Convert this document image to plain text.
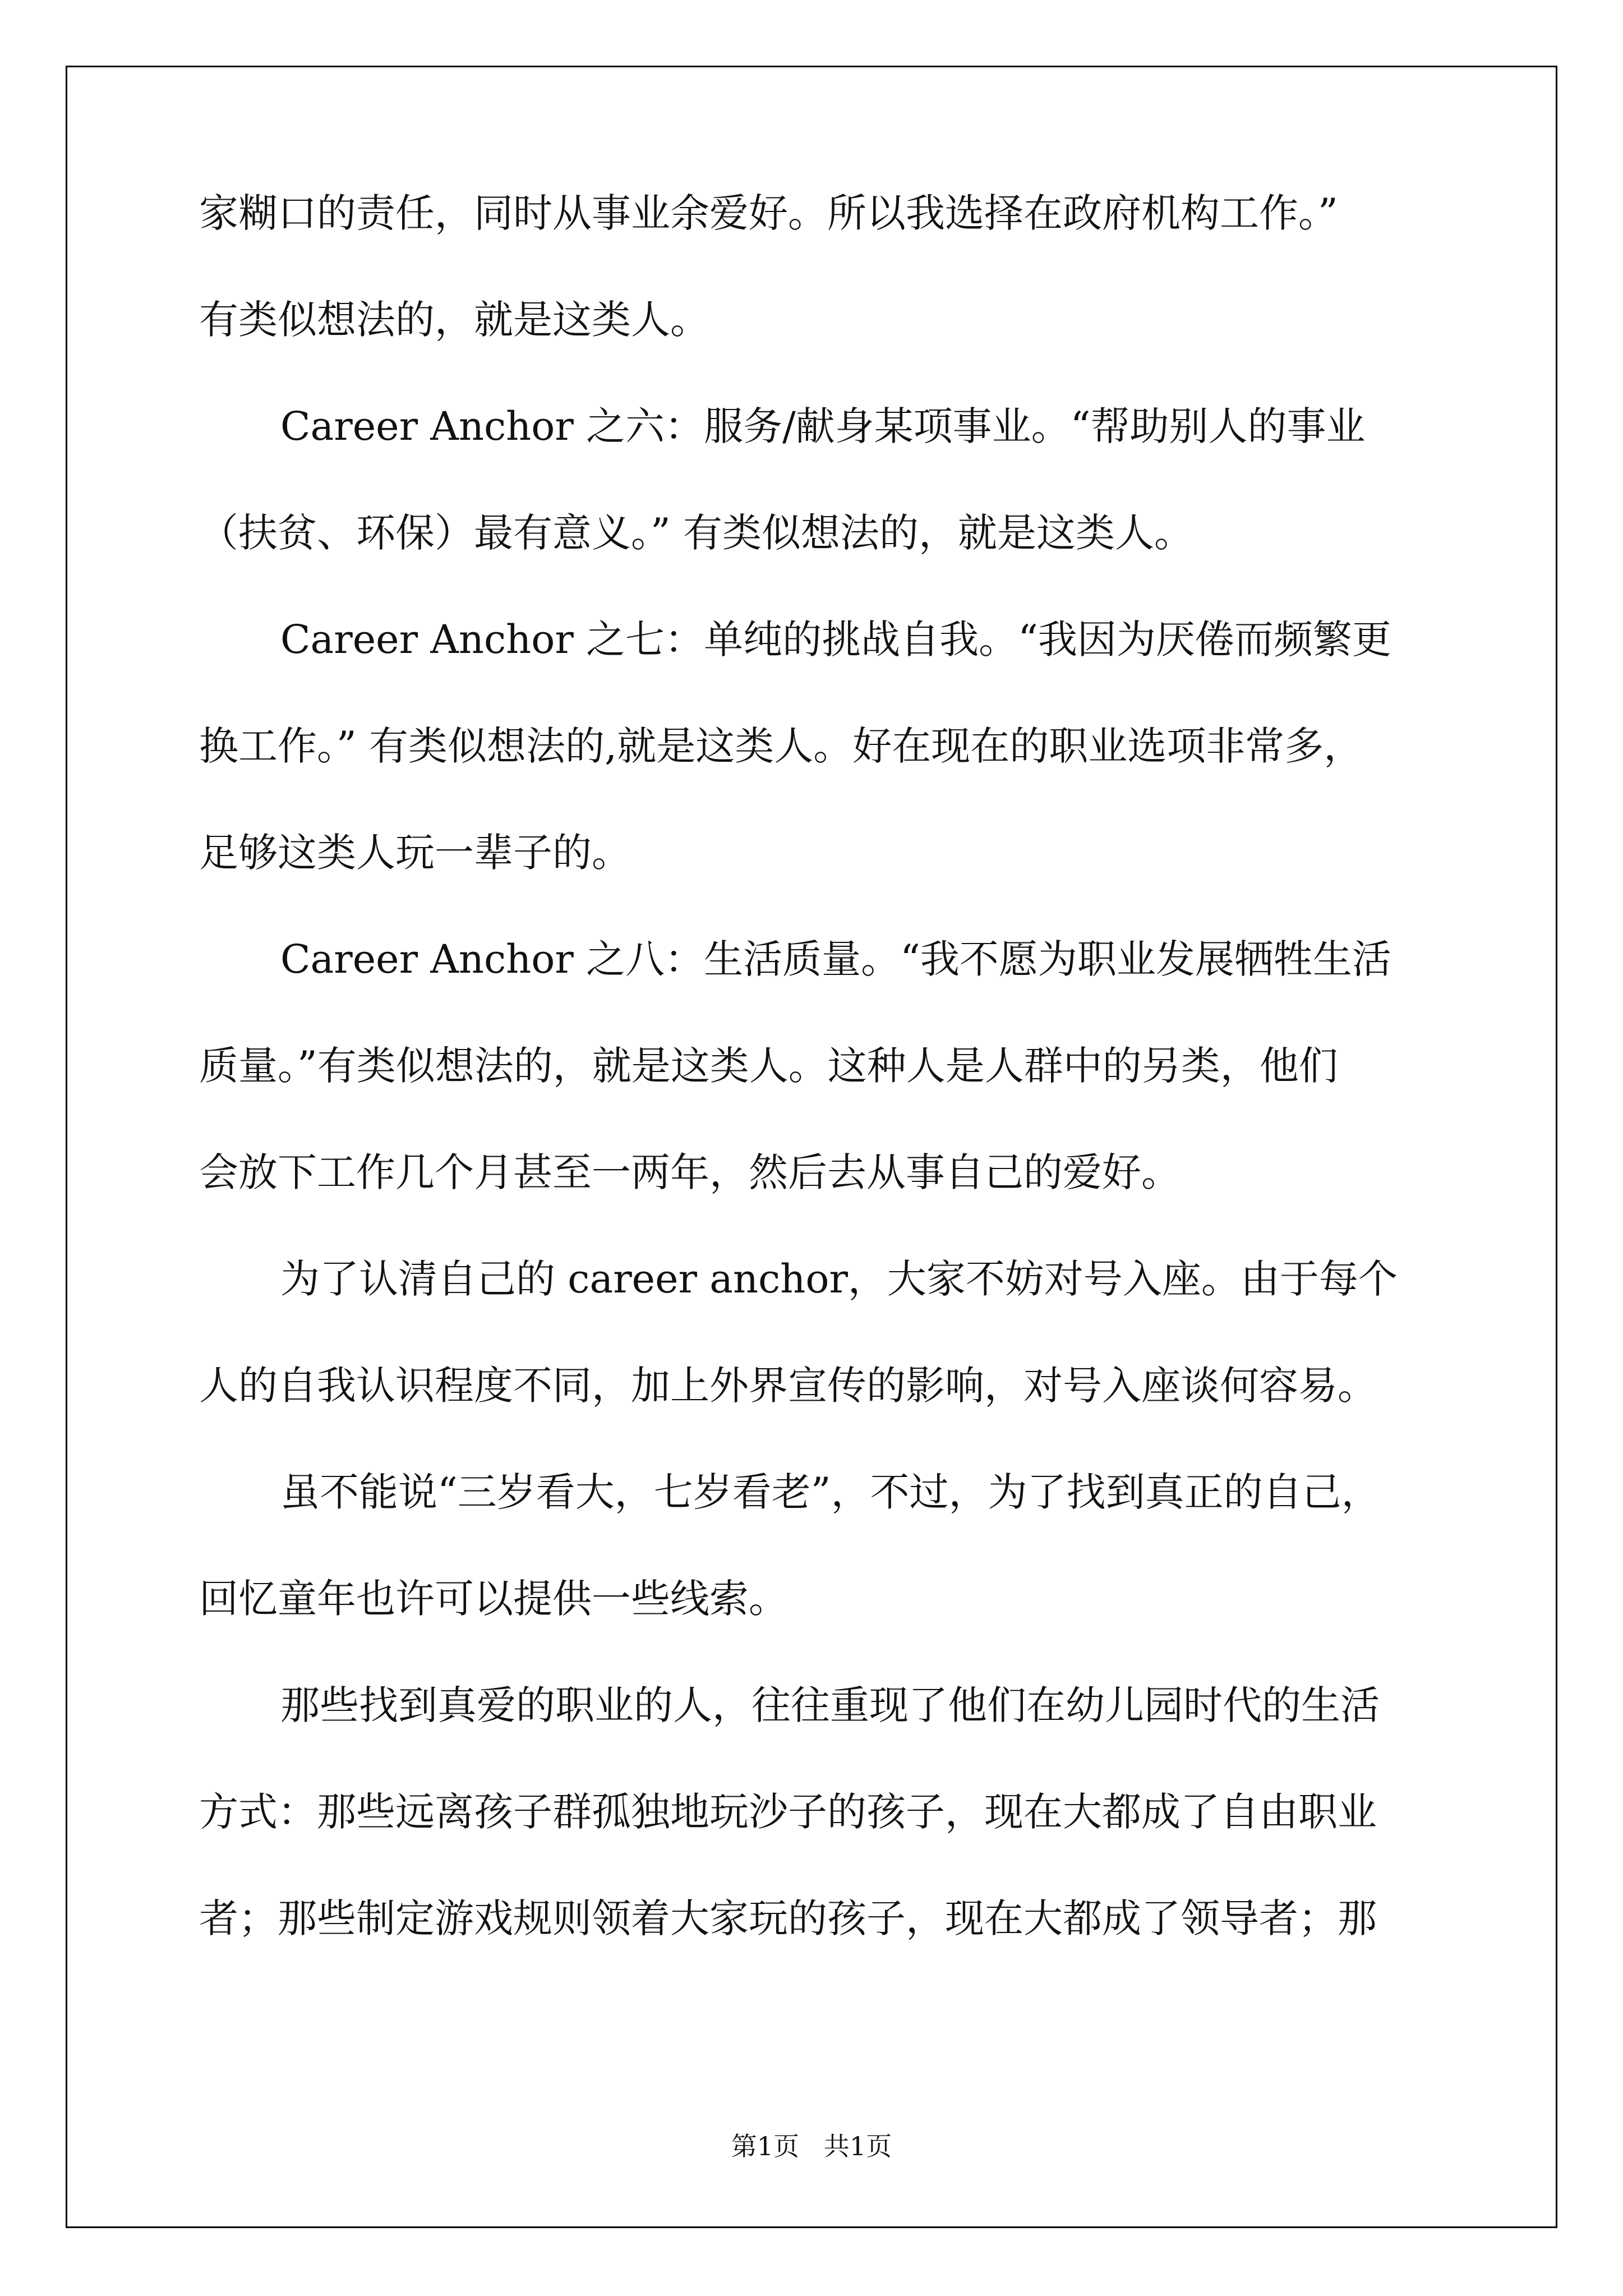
家糊口的责任，同时从事业余爱好。所以我选择在政府机构工作。”
有类似想法的，就是这类人。
Career Anchor 之六：服务/献身某项事业。“帮助别人的事业
（扶贫、环保）最有意义。” 有类似想法的，就是这类人。
Career Anchor 之七：单纯的挑战自我。“我因为厌倦而频繁更
换工作。” 有类似想法的,就是这类人。好在现在的职业选项非常多，
足够这类人玩一辈子的。
Career Anchor 之八：生活质量。“我不愿为职业发展牺牲生活
质量。”有类似想法的，就是这类人。这种人是人群中的另类，他们
会放下工作几个月甚至一两年，然后去从事自己的爱好。
为了认清自己的 career anchor，大家不妨对号入座。由于每个
人的自我认识程度不同，加上外界宣传的影响，对号入座谈何容易。
虽不能说“三岁看大，七岁看老”，不过，为了找到真正的自己，
回忆童年也许可以提供一些线索。
那些找到真爱的职业的人，往往重现了他们在幼儿园时代的生活
方式：那些远离孩子群孤独地玩沙子的孩子，现在大都成了自由职业
者；那些制定游戏规则领着大家玩的孩子，现在大都成了领导者；那
第1页   共1页
